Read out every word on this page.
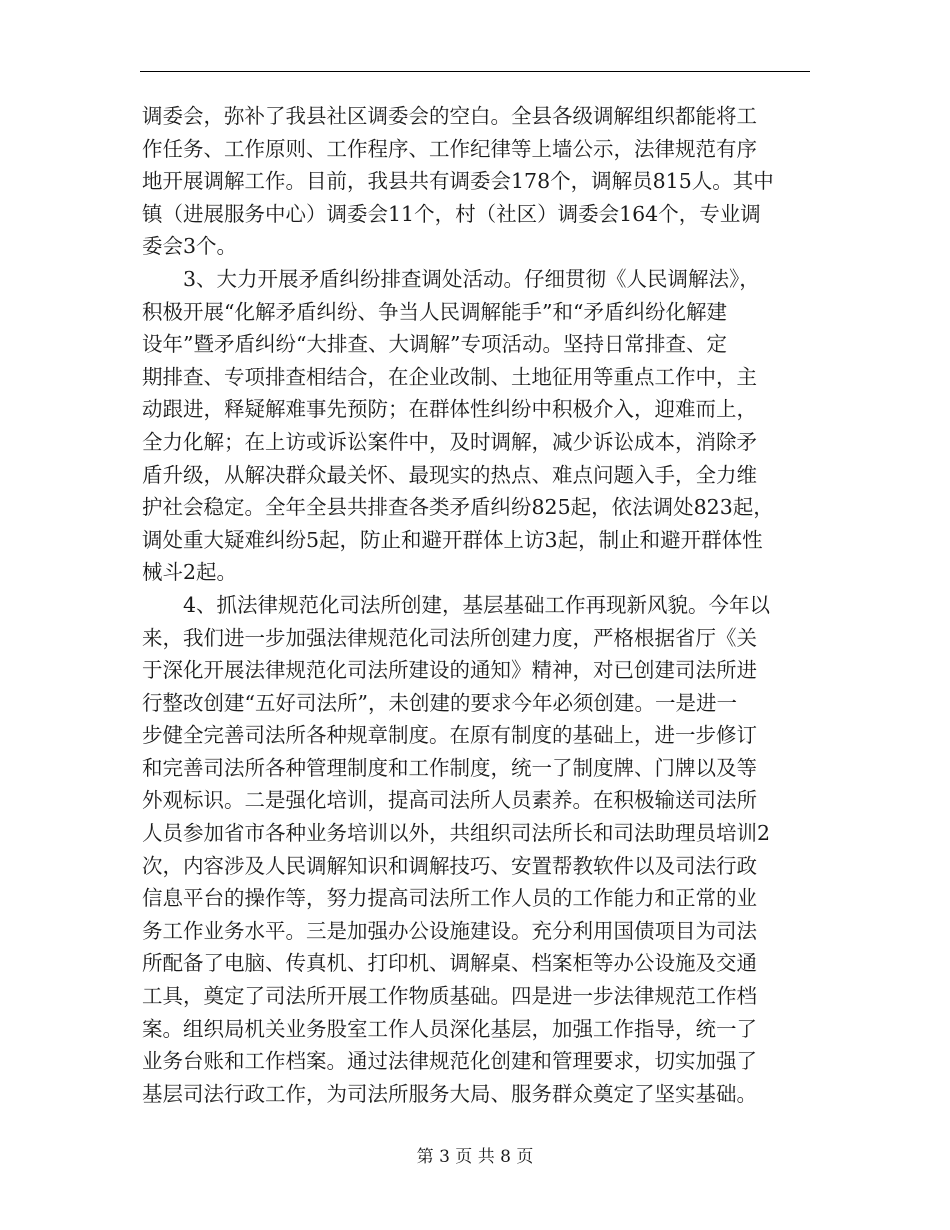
调委会，弥补了我县社区调委会的空白。全县各级调解组织都能将工
作任务、工作原则、工作程序、工作纪律等上墙公示，法律规范有序
地开展调解工作。目前，我县共有调委会178个，调解员815人。其中
镇（进展服务中心）调委会11个，村（社区）调委会164个，专业调
委会3个。
　　3、大力开展矛盾纠纷排查调处活动。仔细贯彻《人民调解法》，
积极开展“化解矛盾纠纷、争当人民调解能手”和“矛盾纠纷化解建
设年”暨矛盾纠纷“大排查、大调解”专项活动。坚持日常排查、定
期排查、专项排查相结合，在企业改制、土地征用等重点工作中，主
动跟进，释疑解难事先预防；在群体性纠纷中积极介入，迎难而上，
全力化解；在上访或诉讼案件中，及时调解，减少诉讼成本，消除矛
盾升级，从解决群众最关怀、最现实的热点、难点问题入手，全力维
护社会稳定。全年全县共排查各类矛盾纠纷825起，依法调处823起，
调处重大疑难纠纷5起，防止和避开群体上访3起，制止和避开群体性
械斗2起。
　　4、抓法律规范化司法所创建，基层基础工作再现新风貌。今年以
来，我们进一步加强法律规范化司法所创建力度，严格根据省厅《关
于深化开展法律规范化司法所建设的通知》精神，对已创建司法所进
行整改创建“五好司法所”，未创建的要求今年必须创建。一是进一
步健全完善司法所各种规章制度。在原有制度的基础上，进一步修订
和完善司法所各种管理制度和工作制度，统一了制度牌、门牌以及等
外观标识。二是强化培训，提高司法所人员素养。在积极输送司法所
人员参加省市各种业务培训以外，共组织司法所长和司法助理员培训2
次，内容涉及人民调解知识和调解技巧、安置帮教软件以及司法行政
信息平台的操作等，努力提高司法所工作人员的工作能力和正常的业
务工作业务水平。三是加强办公设施建设。充分利用国债项目为司法
所配备了电脑、传真机、打印机、调解桌、档案柜等办公设施及交通
工具，奠定了司法所开展工作物质基础。四是进一步法律规范工作档
案。组织局机关业务股室工作人员深化基层，加强工作指导，统一了
业务台账和工作档案。通过法律规范化创建和管理要求，切实加强了
基层司法行政工作，为司法所服务大局、服务群众奠定了坚实基础。
第 3 页 共 8 页
